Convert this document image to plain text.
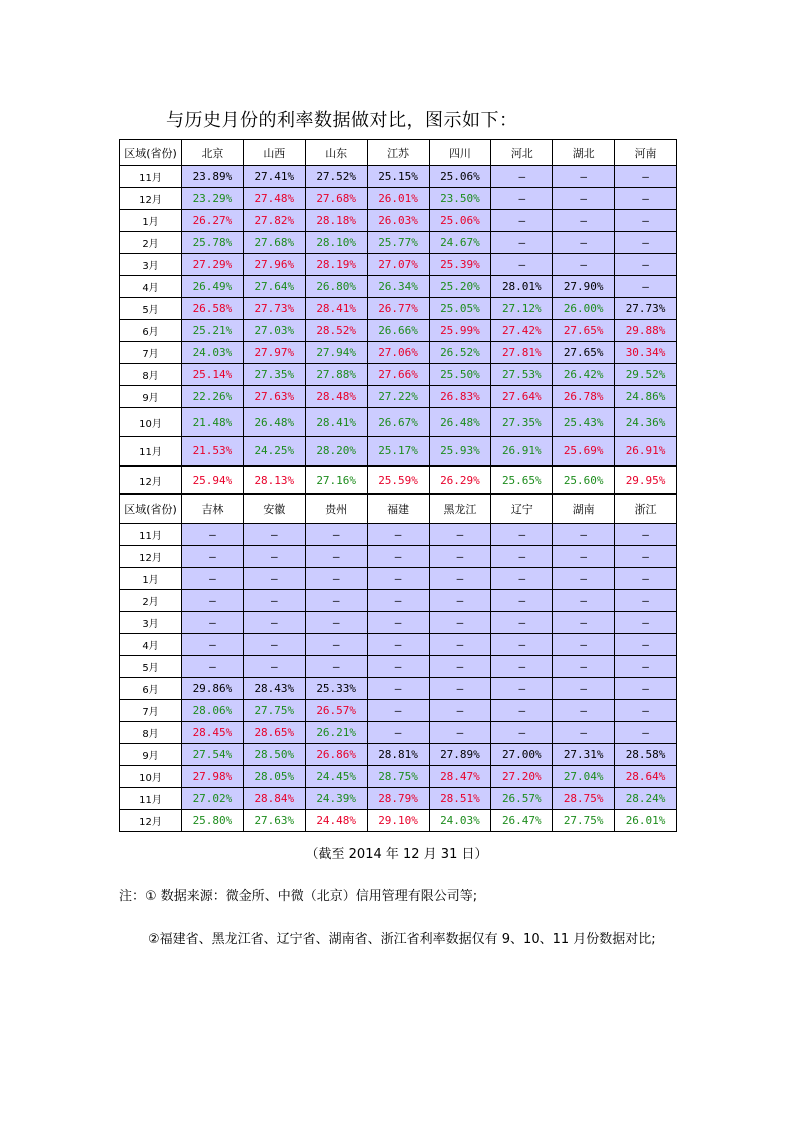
与历史月份的利率数据做对比，图示如下：
区域(省份)	北京	山西	山东	江苏	四川	河北	湖北	河南
11月	23.89%	27.41%	27.52%	25.15%	25.06%	–	–	–
12月	23.29%	27.48%	27.68%	26.01%	23.50%	–	–	–
1月	26.27%	27.82%	28.18%	26.03%	25.06%	–	–	–
2月	25.78%	27.68%	28.10%	25.77%	24.67%	–	–	–
3月	27.29%	27.96%	28.19%	27.07%	25.39%	–	–	–
4月	26.49%	27.64%	26.80%	26.34%	25.20%	28.01%	27.90%	–
5月	26.58%	27.73%	28.41%	26.77%	25.05%	27.12%	26.00%	27.73%
6月	25.21%	27.03%	28.52%	26.66%	25.99%	27.42%	27.65%	29.88%
7月	24.03%	27.97%	27.94%	27.06%	26.52%	27.81%	27.65%	30.34%
8月	25.14%	27.35%	27.88%	27.66%	25.50%	27.53%	26.42%	29.52%
9月	22.26%	27.63%	28.48%	27.22%	26.83%	27.64%	26.78%	24.86%
10月	21.48%	26.48%	28.41%	26.67%	26.48%	27.35%	25.43%	24.36%
11月	21.53%	24.25%	28.20%	25.17%	25.93%	26.91%	25.69%	26.91%
12月	25.94%	28.13%	27.16%	25.59%	26.29%	25.65%	25.60%	29.95%
区域(省份)	吉林	安徽	贵州	福建	黑龙江	辽宁	湖南	浙江
11月	–	–	–	–	–	–	–	–
12月	–	–	–	–	–	–	–	–
1月	–	–	–	–	–	–	–	–
2月	–	–	–	–	–	–	–	–
3月	–	–	–	–	–	–	–	–
4月	–	–	–	–	–	–	–	–
5月	–	–	–	–	–	–	–	–
6月	29.86%	28.43%	25.33%	–	–	–	–	–
7月	28.06%	27.75%	26.57%	–	–	–	–	–
8月	28.45%	28.65%	26.21%	–	–	–	–	–
9月	27.54%	28.50%	26.86%	28.81%	27.89%	27.00%	27.31%	28.58%
10月	27.98%	28.05%	24.45%	28.75%	28.47%	27.20%	27.04%	28.64%
11月	27.02%	28.84%	24.39%	28.79%	28.51%	26.57%	28.75%	28.24%
12月	25.80%	27.63%	24.48%	29.10%	24.03%	26.47%	27.75%	26.01%
（截至 2014 年 12 月 31 日）
注：① 数据来源：微金所、中微（北京）信用管理有限公司等;
②福建省、黑龙江省、辽宁省、湖南省、浙江省利率数据仅有 9、10、11 月份数据对比;
